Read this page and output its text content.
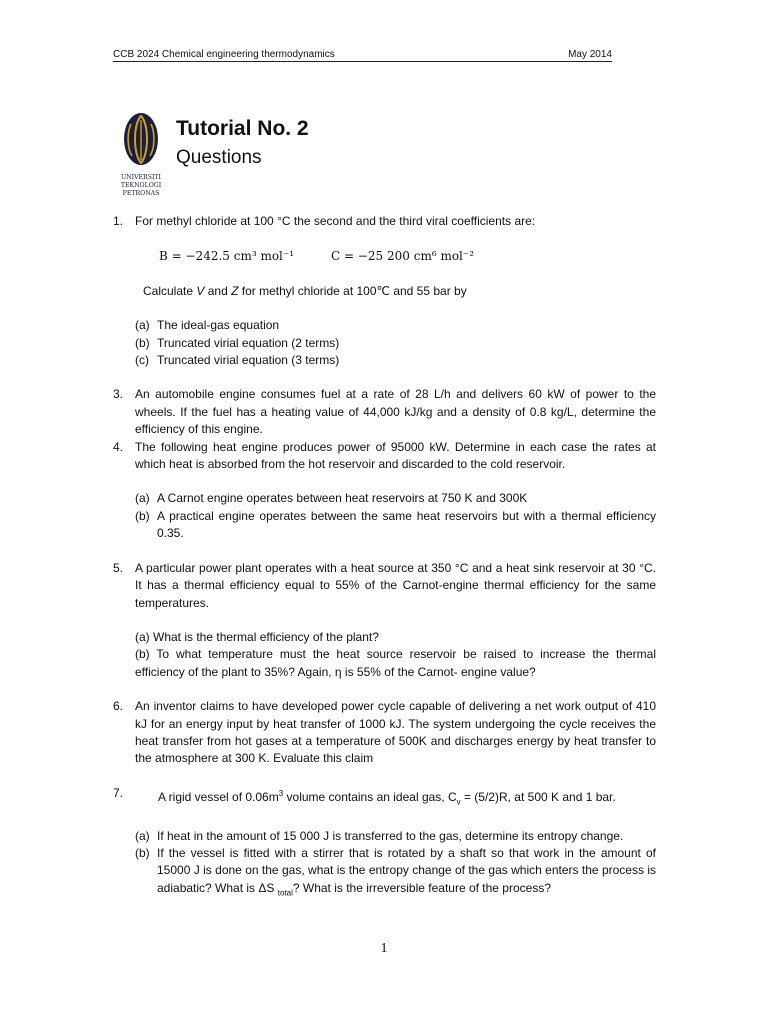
CCB 2024 Chemical engineering thermodynamics	May 2014
UNIVERSITI
TEKNOLOGI
PETRONAS
Tutorial No. 2
Questions
1. For methyl chloride at 100 °C the second and the third viral coefficients are:
B = −242.5 cm³ mol⁻¹	C = −25 200 cm⁶ mol⁻²
Calculate V and Z for methyl chloride at 100℃ and 55 bar by
(a) The ideal-gas equation
(b) Truncated virial equation (2 terms)
(c) Truncated virial equation (3 terms)
3. An automobile engine consumes fuel at a rate of 28 L/h and delivers 60 kW of power to the wheels. If the fuel has a heating value of 44,000 kJ/kg and a density of 0.8 kg/L, determine the efficiency of this engine.
4. The following heat engine produces power of 95000 kW. Determine in each case the rates at which heat is absorbed from the hot reservoir and discarded to the cold reservoir.
(a) A Carnot engine operates between heat reservoirs at 750 K and 300K
(b) A practical engine operates between the same heat reservoirs but with a thermal efficiency 0.35.
5. A particular power plant operates with a heat source at 350 °C and a heat sink reservoir at 30 °C. It has a thermal efficiency equal to 55% of the Carnot-engine thermal efficiency for the same temperatures.
(a) What is the thermal efficiency of the plant?
(b) To what temperature must the heat source reservoir be raised to increase the thermal efficiency of the plant to 35%? Again, η is 55% of the Carnot- engine value?
6. An inventor claims to have developed power cycle capable of delivering a net work output of 410 kJ for an energy input by heat transfer of 1000 kJ. The system undergoing the cycle receives the heat transfer from hot gases at a temperature of 500K and discharges energy by heat transfer to the atmosphere at 300 K. Evaluate this claim
7.	A rigid vessel of $0.06m^3$ volume contains an ideal gas, $C_v = (5/2)R$, at 500 K and 1 bar.
(a) If heat in the amount of 15 000 J is transferred to the gas, determine its entropy change.
(b) If the vessel is fitted with a stirrer that is rotated by a shaft so that work in the amount of 15000 J is done on the gas, what is the entropy change of the gas which enters the process is adiabatic? What is ΔS $_{total}$? What is the irreversible feature of the process?
1
